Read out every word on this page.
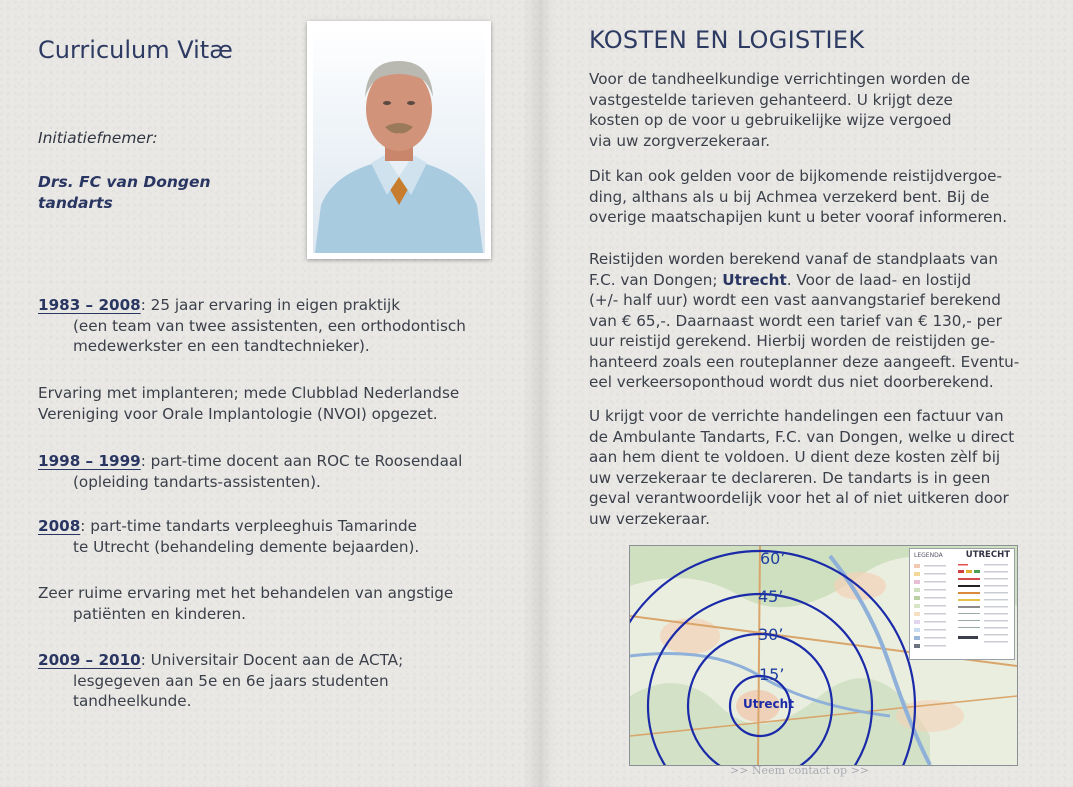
Curriculum Vitæ
Initiatiefnemer:
Drs. FC van Dongen
tandarts

1983 – 2008: 25 jaar ervaring in eigen praktijk

(een team van twee assistenten, een orthodontisch

medewerkster en een tandtechnieker).

Ervaring met implanteren; mede Clubblad Nederlandse

Vereniging voor Orale Implantologie (NVOI) opgezet.

1998 – 1999: part-time docent aan ROC te Roosendaal

(opleiding tandarts-assistenten).

2008: part-time tandarts verpleeghuis Tamarinde

te Utrecht (behandeling demente bejaarden).

Zeer ruime ervaring met het behandelen van angstige

patiënten en kinderen.

2009 – 2010: Universitair Docent aan de ACTA;

lesgegeven aan 5e en 6e jaars studenten

tandheelkunde.

KOSTEN EN LOGISTIEK
Voor de tandheelkundige verrichtingen worden de
vastgestelde tarieven gehanteerd. U krijgt deze
kosten op de voor u gebruikelijke wijze vergoed
via uw zorgverzekeraar.
Dit kan ook gelden voor de bijkomende reistijdvergoe-
ding, althans als u bij Achmea verzekerd bent. Bij de
overige maatschapijen kunt u beter vooraf informeren.
Reistijden worden berekend vanaf de standplaats van
F.C. van Dongen; Utrecht. Voor de laad- en lostijd
(+/- half uur) wordt een vast aanvangstarief berekend
van € 65,-. Daarnaast wordt een tarief van € 130,- per
uur reistijd gerekend. Hierbij worden de reistijden ge-
hanteerd zoals een routeplanner deze aangeeft. Eventu-
eel verkeersoponthoud wordt dus niet doorberekend.
U krijgt voor de verrichte handelingen een factuur van
de Ambulante Tandarts, F.C. van Dongen, welke u direct
aan hem dient te voldoen. U dient deze kosten zèlf bij
uw verzekeraar te declareren. De tandarts is in geen
geval verantwoordelijk voor het al of niet uitkeren door
uw verzekeraar.
60’
45’
30’
15’
Utrecht
LEGENDA	UTRECHT
>> Neem contact op >>
